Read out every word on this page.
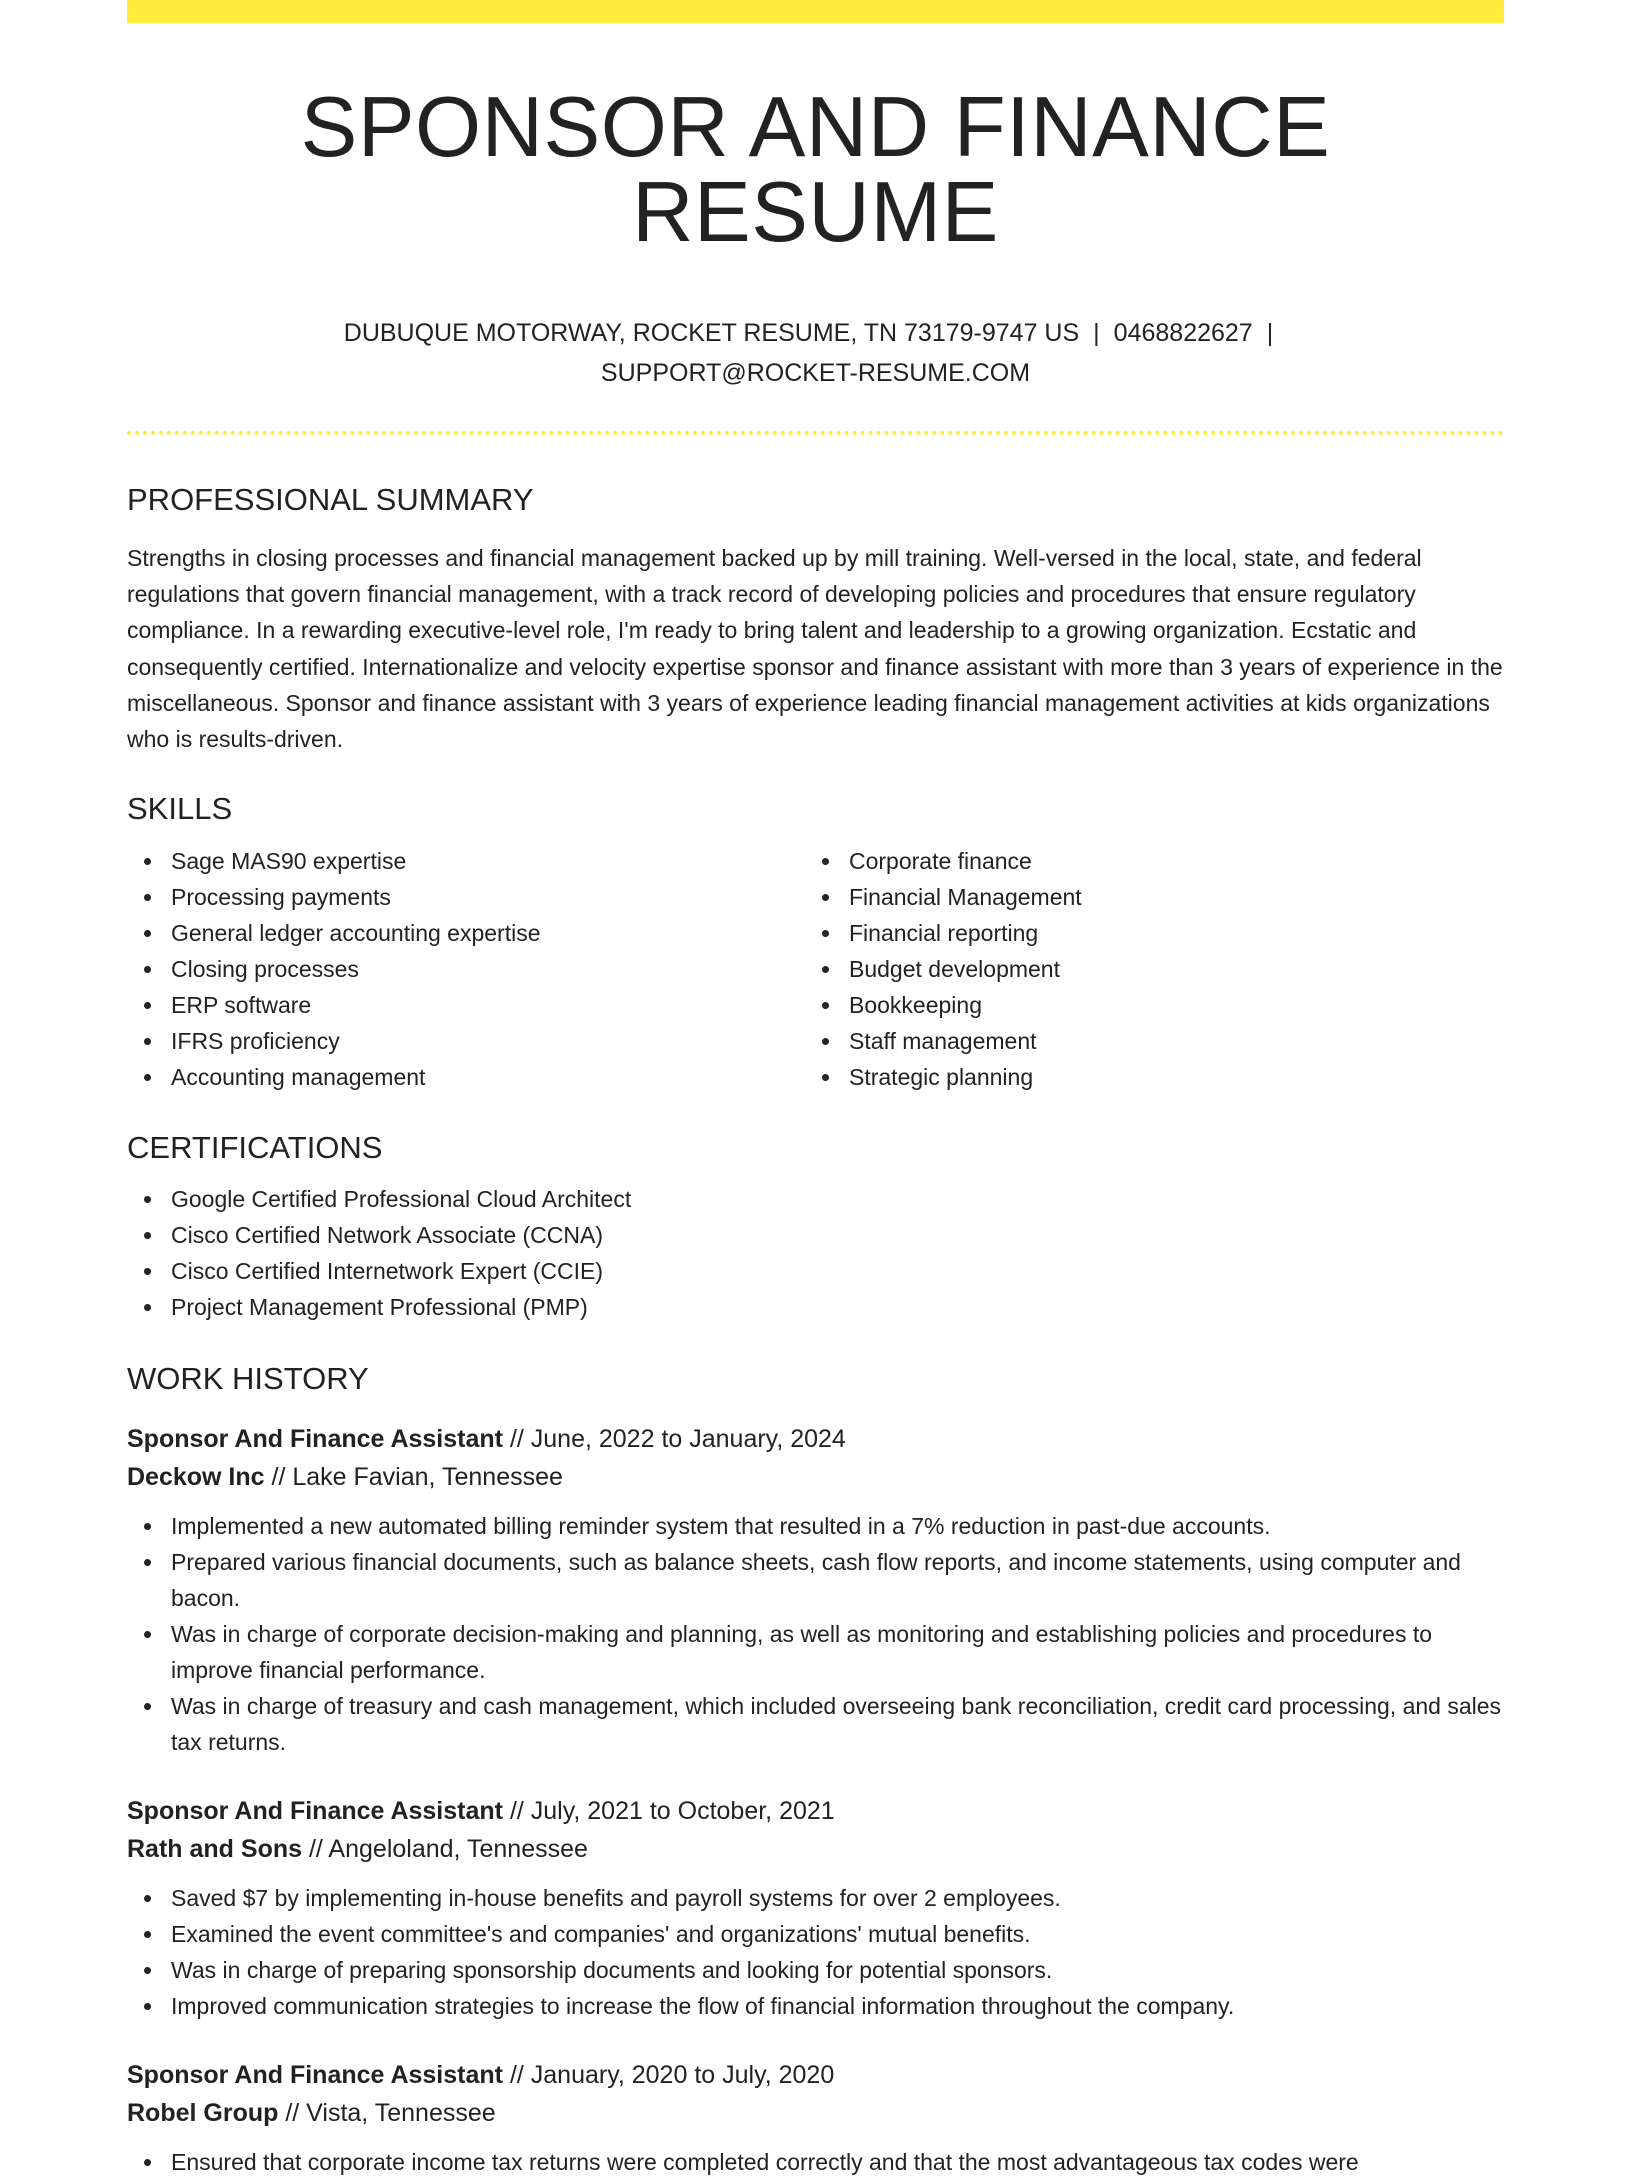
SPONSOR AND FINANCE RESUME
DUBUQUE MOTORWAY, ROCKET RESUME, TN 73179-9747 US | 0468822627 |
SUPPORT@ROCKET-RESUME.COM
PROFESSIONAL SUMMARY

Strengths in closing processes and financial management backed up by mill training. Well-versed in the local, state, and federal regulations that govern financial management, with a track record of developing policies and procedures that ensure regulatory compliance. In a rewarding executive-level role, I'm ready to bring talent and leadership to a growing organization. Ecstatic and consequently certified. Internationalize and velocity expertise sponsor and finance assistant with more than 3 years of experience in the miscellaneous. Sponsor and finance assistant with 3 years of experience leading financial management activities at kids organizations who is results-driven.

SKILLS
Sage MAS90 expertise
Processing payments
General ledger accounting expertise
Closing processes
ERP software
IFRS proficiency
Accounting management
Corporate finance
Financial Management
Financial reporting
Budget development
Bookkeeping
Staff management
Strategic planning
CERTIFICATIONS
Google Certified Professional Cloud Architect
Cisco Certified Network Associate (CCNA)
Cisco Certified Internetwork Expert (CCIE)
Project Management Professional (PMP)
WORK HISTORY
Sponsor And Finance Assistant // June, 2022 to January, 2024
Deckow Inc // Lake Favian, Tennessee
Implemented a new automated billing reminder system that resulted in a 7% reduction in past-due accounts.
Prepared various financial documents, such as balance sheets, cash flow reports, and income statements, using computer and bacon.
Was in charge of corporate decision-making and planning, as well as monitoring and establishing policies and procedures to improve financial performance.
Was in charge of treasury and cash management, which included overseeing bank reconciliation, credit card processing, and sales tax returns.
Sponsor And Finance Assistant // July, 2021 to October, 2021
Rath and Sons // Angeloland, Tennessee
Saved $7 by implementing in-house benefits and payroll systems for over 2 employees.
Examined the event committee's and companies' and organizations' mutual benefits.
Was in charge of preparing sponsorship documents and looking for potential sponsors.
Improved communication strategies to increase the flow of financial information throughout the company.
Sponsor And Finance Assistant // January, 2020 to July, 2020
Robel Group // Vista, Tennessee
Ensured that corporate income tax returns were completed correctly and that the most advantageous tax codes were
